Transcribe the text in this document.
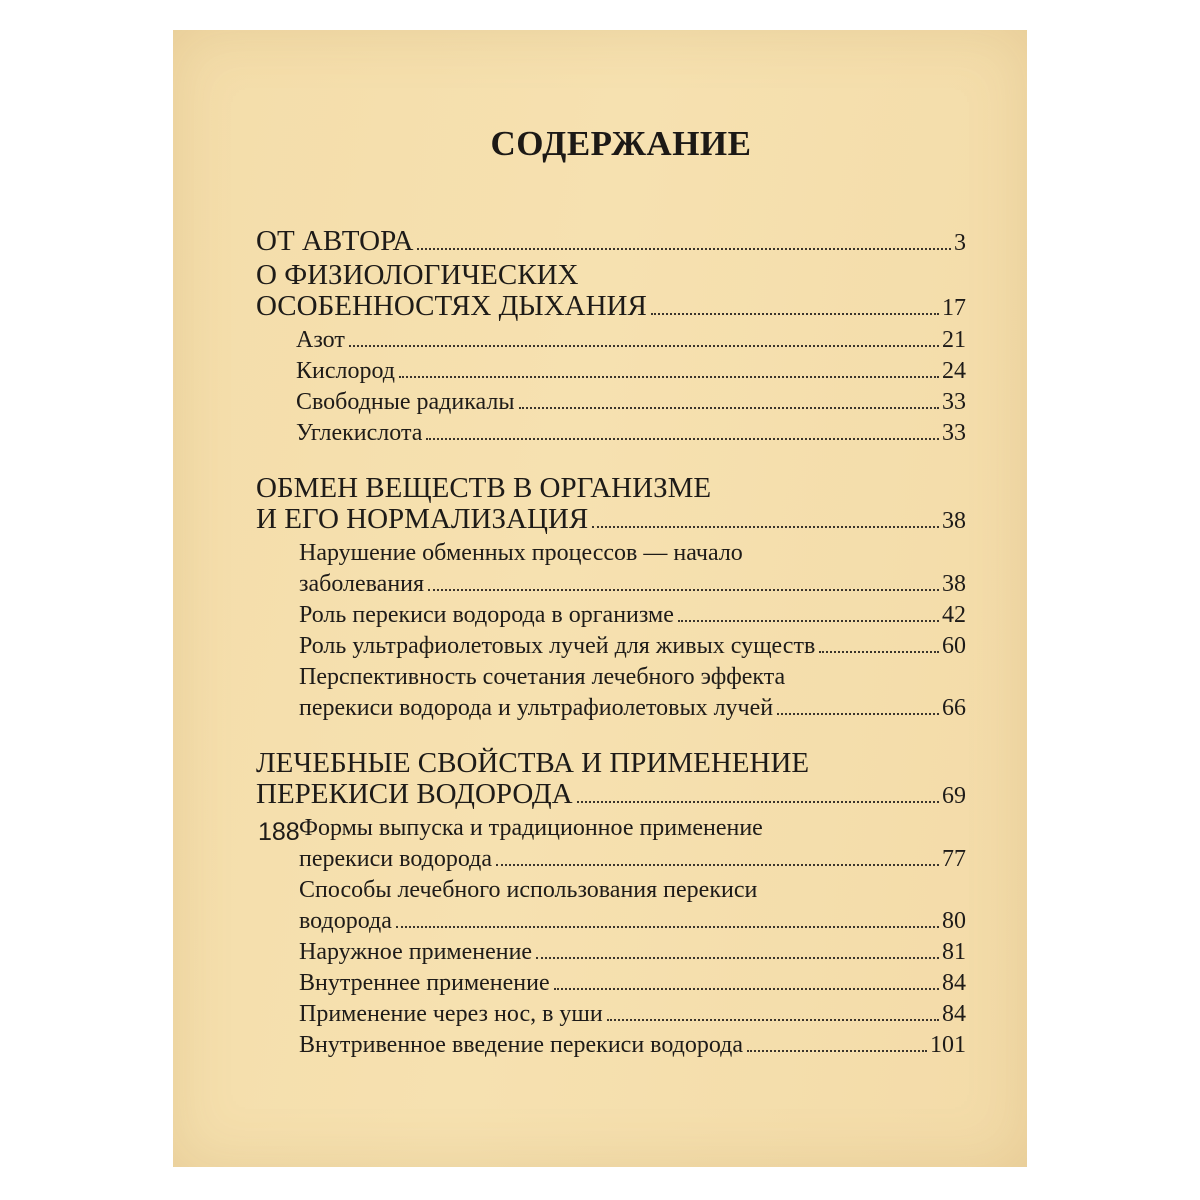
СОДЕРЖАНИЕ
ОТ АВТОРА	3
О ФИЗИОЛОГИЧЕСКИХ
ОСОБЕННОСТЯХ ДЫХАНИЯ	17
Азот	21
Кислород	24
Свободные радикалы	33
Углекислота	33
ОБМЕН ВЕЩЕСТВ В ОРГАНИЗМЕ
И ЕГО НОРМАЛИЗАЦИЯ	38
Нарушение обменных процессов — начало
заболевания	38
Роль перекиси водорода в организме	42
Роль ультрафиолетовых лучей для живых существ	60
Перспективность сочетания лечебного эффекта
перекиси водорода и ультрафиолетовых лучей	66
ЛЕЧЕБНЫЕ СВОЙСТВА И ПРИМЕНЕНИЕ
ПЕРЕКИСИ ВОДОРОДА	69
Формы выпуска и традиционное применение
перекиси водорода	77
Способы лечебного использования перекиси
водорода	80
Наружное применение	81
Внутреннее применение	84
Применение через нос, в уши	84
Внутривенное введение перекиси водорода	101
188
